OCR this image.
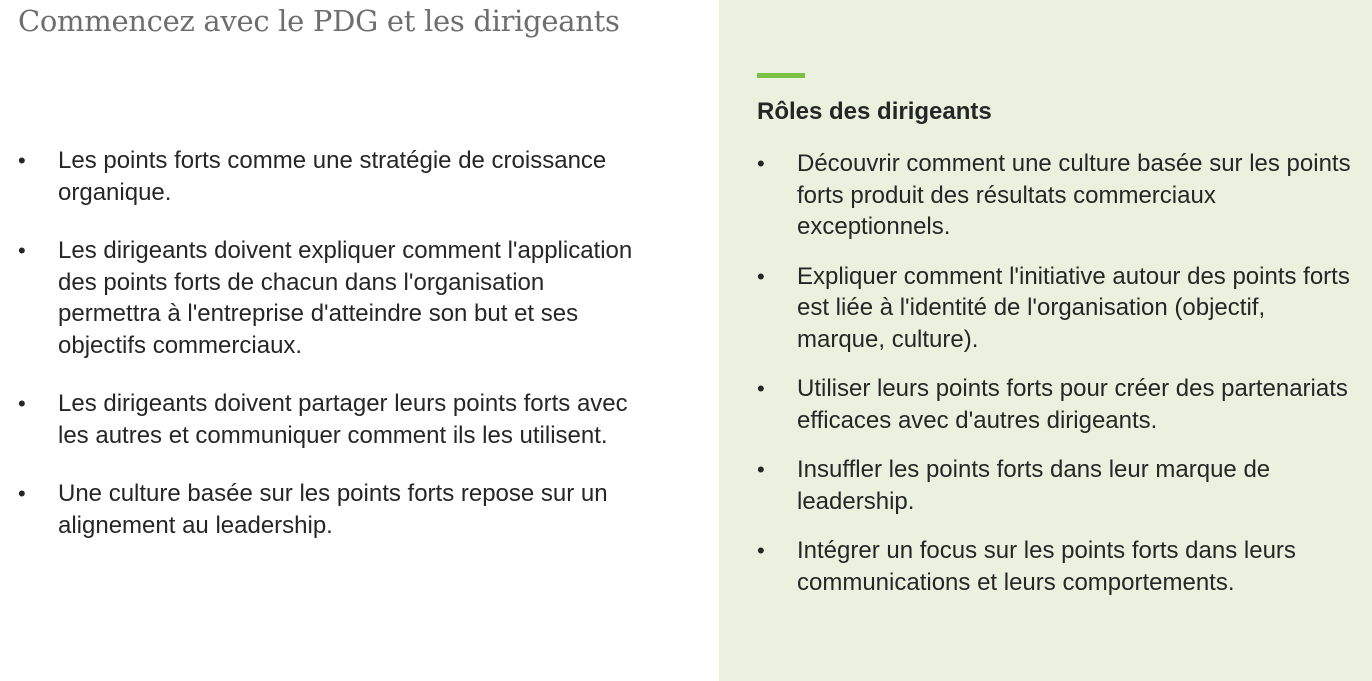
Commencez avec le PDG et les dirigeants
• Les points forts comme une stratégie de croissance organique.
• Les dirigeants doivent expliquer comment l'application des points forts de chacun dans l'organisation permettra à l'entreprise d'atteindre son but et ses objectifs commerciaux.
• Les dirigeants doivent partager leurs points forts avec les autres et communiquer comment ils les utilisent.
• Une culture basée sur les points forts repose sur un alignement au leadership.
Rôles des dirigeants
• Découvrir comment une culture basée sur les points forts produit des résultats commerciaux exceptionnels.
• Expliquer comment l'initiative autour des points forts est liée à l'identité de l'organisation (objectif, marque, culture).
• Utiliser leurs points forts pour créer des partenariats efficaces avec d'autres dirigeants.
• Insuffler les points forts dans leur marque de leadership.
• Intégrer un focus sur les points forts dans leurs communications et leurs comportements.
